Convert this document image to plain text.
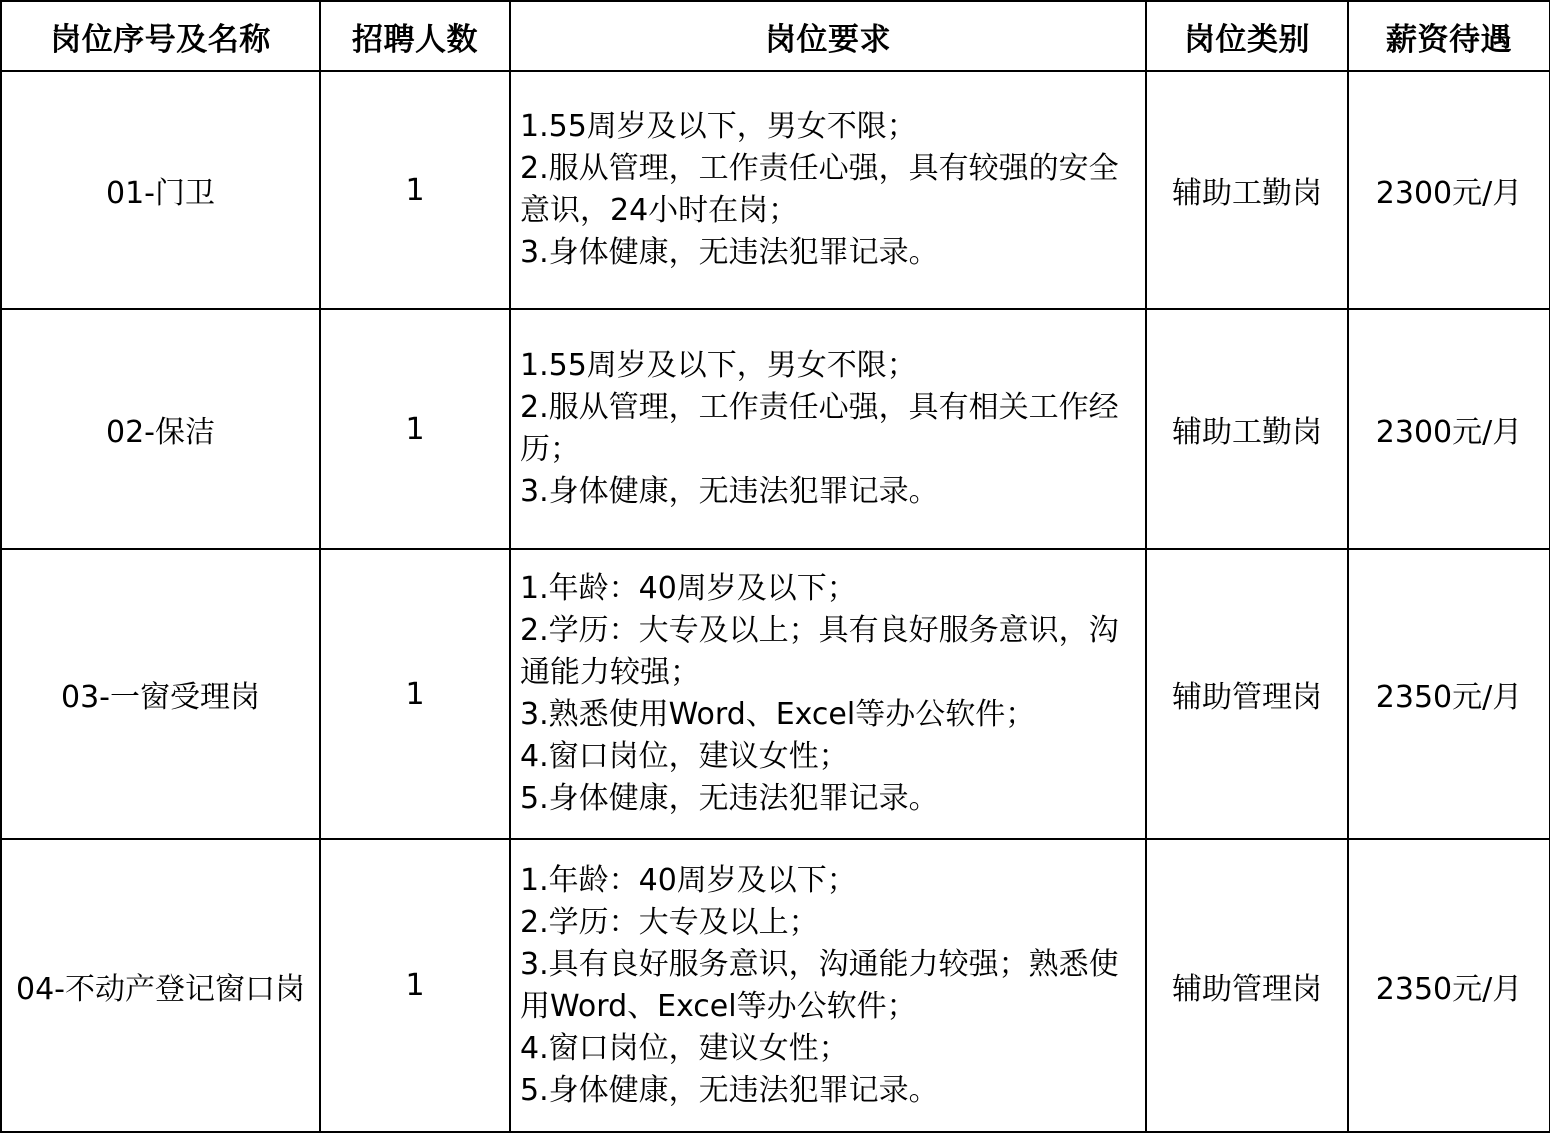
岗位序号及名称	招聘人数	岗位要求	岗位类别	薪资待遇
01-门卫	1	1.55周岁及以下，男女不限；
2.服从管理，工作责任心强，具有较强的安全意识，24小时在岗；
3.身体健康，无违法犯罪记录。	辅助工勤岗	2300元/月
02-保洁	1	1.55周岁及以下，男女不限；
2.服从管理，工作责任心强，具有相关工作经历；
3.身体健康，无违法犯罪记录。	辅助工勤岗	2300元/月
03-一窗受理岗	1	1.年龄：40周岁及以下；
2.学历：大专及以上；具有良好服务意识，沟通能力较强；
3.熟悉使用Word、Excel等办公软件；
4.窗口岗位，建议女性；
5.身体健康，无违法犯罪记录。	辅助管理岗	2350元/月
04-不动产登记窗口岗	1	1.年龄：40周岁及以下；
2.学历：大专及以上；
3.具有良好服务意识，沟通能力较强；熟悉使用Word、Excel等办公软件；
4.窗口岗位，建议女性；
5.身体健康，无违法犯罪记录。	辅助管理岗	2350元/月
